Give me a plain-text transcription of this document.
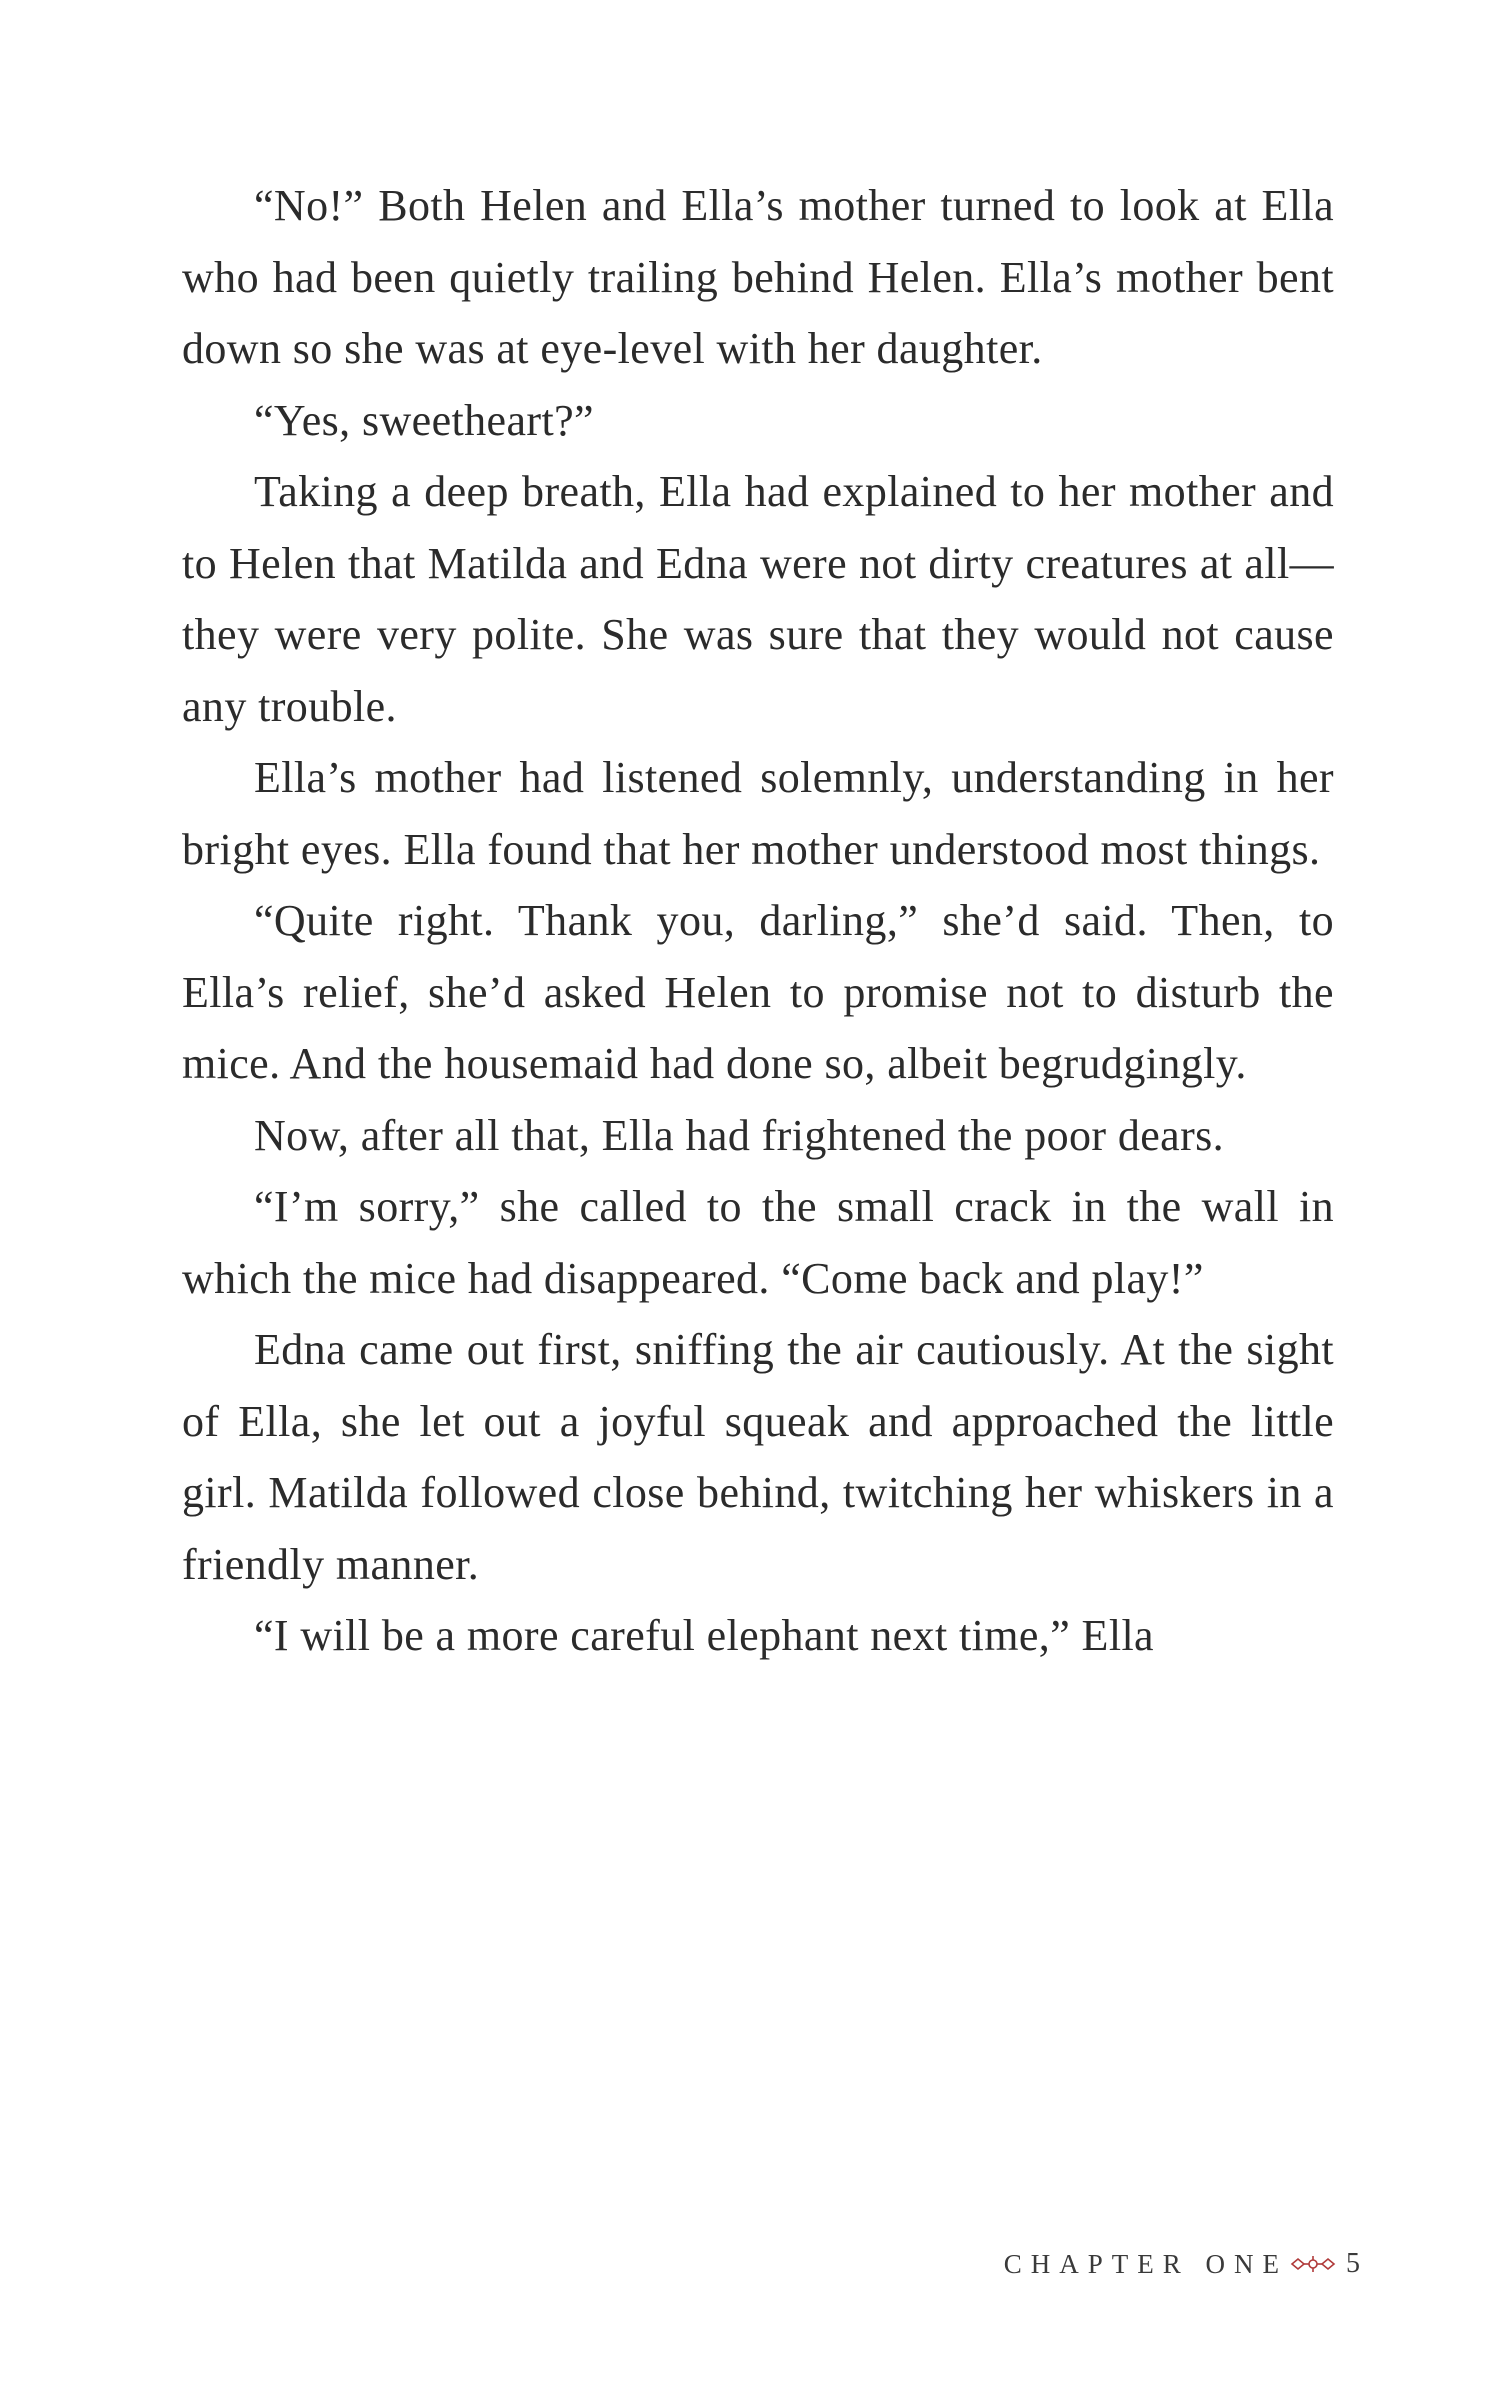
“No!” Both Helen and Ella’s mother turned to look at Ella who had been quietly trailing behind Helen. Ella’s mother bent down so she was at eye-level with her daughter.

“Yes, sweetheart?”

Taking a deep breath, Ella had explained to her mother and to Helen that Matilda and Edna were not dirty creatures at all—they were very polite. She was sure that they would not cause any trouble.

Ella’s mother had listened solemnly, understanding in her bright eyes. Ella found that her mother understood most things.

“Quite right. Thank you, darling,” she’d said. Then, to Ella’s relief, she’d asked Helen to promise not to disturb the mice. And the housemaid had done so, albeit begrudgingly.

Now, after all that, Ella had frightened the poor dears.

“I’m sorry,” she called to the small crack in the wall in which the mice had disappeared. “Come back and play!”

Edna came out first, sniffing the air cautiously. At the sight of Ella, she let out a joyful squeak and approached the little girl. Matilda followed close behind, twitching her whiskers in a friendly manner.

“I will be a more careful elephant next time,” Ella

CHAPTER ONE 5
